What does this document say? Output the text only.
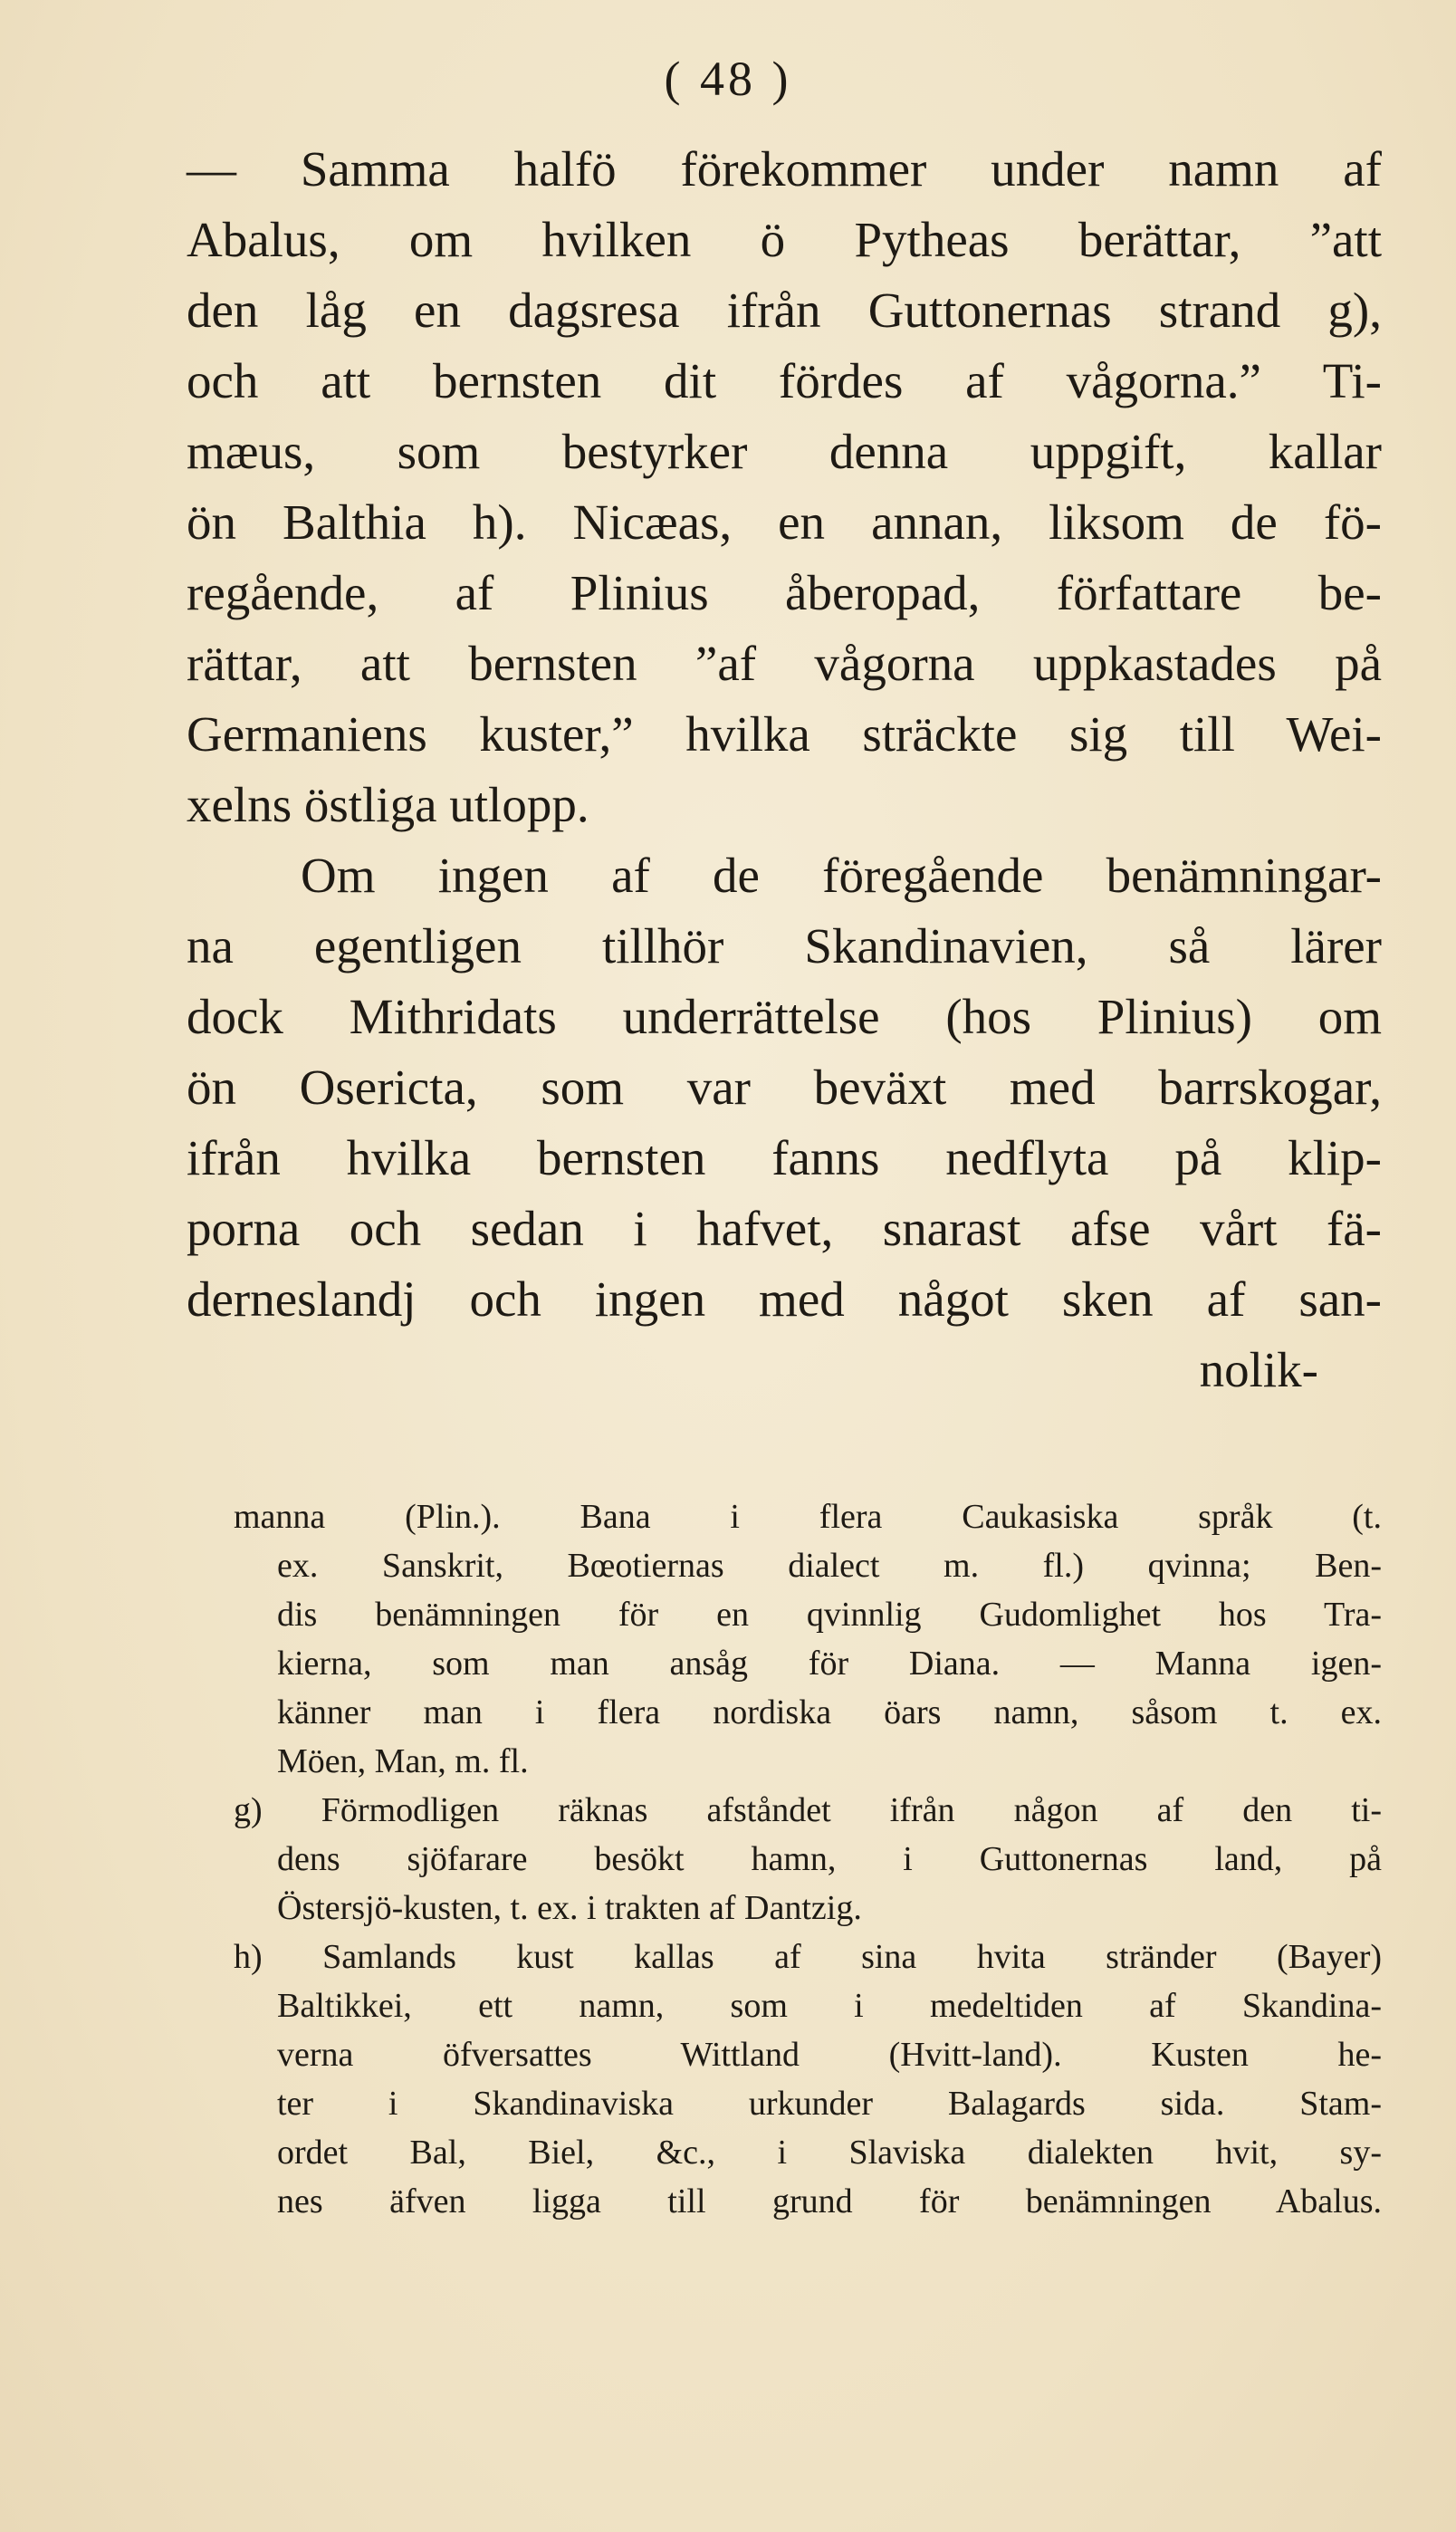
( 48 )
— Samma halfö förekommer under namn af
Abalus, om hvilken ö Pytheas berättar, ”att
den låg en dagsresa ifrån Guttonernas strand g),
och att bernsten dit fördes af vågorna.” Ti-
mæus, som bestyrker denna uppgift, kallar
ön Balthia h). Nicæas, en annan, liksom de fö-
regående, af Plinius åberopad, författare be-
rättar, att bernsten ”af vågorna uppkastades på
Germaniens kuster,” hvilka sträckte sig till Wei-
xelns östliga utlopp.
Om ingen af de föregående benämningar-
na egentligen tillhör Skandinavien, så lärer
dock Mithridats underrättelse (hos Plinius) om
ön Osericta, som var beväxt med barrskogar,
ifrån hvilka bernsten fanns nedflyta på klip-
porna och sedan i hafvet, snarast afse vårt fä-
derneslandj och ingen med något sken af san-
nolik-
manna (Plin.). Bana i flera Caukasiska språk (t.
ex. Sanskrit, Bœotiernas dialect m. fl.) qvinna; Ben-
dis benämningen för en qvinnlig Gudomlighet hos Tra-
kierna, som man ansåg för Diana. — Manna igen-
känner man i flera nordiska öars namn, såsom t. ex.
Möen, Man, m. fl.
g) Förmodligen räknas afståndet ifrån någon af den ti-
dens sjöfarare besökt hamn, i Guttonernas land, på
Östersjö-kusten, t. ex. i trakten af Dantzig.
h) Samlands kust kallas af sina hvita stränder (Bayer)
Baltikkei, ett namn, som i medeltiden af Skandina-
verna öfversattes Wittland (Hvitt-land). Kusten he-
ter i Skandinaviska urkunder Balagards sida. Stam-
ordet Bal, Biel, &c., i Slaviska dialekten hvit, sy-
nes äfven ligga till grund för benämningen Abalus.
